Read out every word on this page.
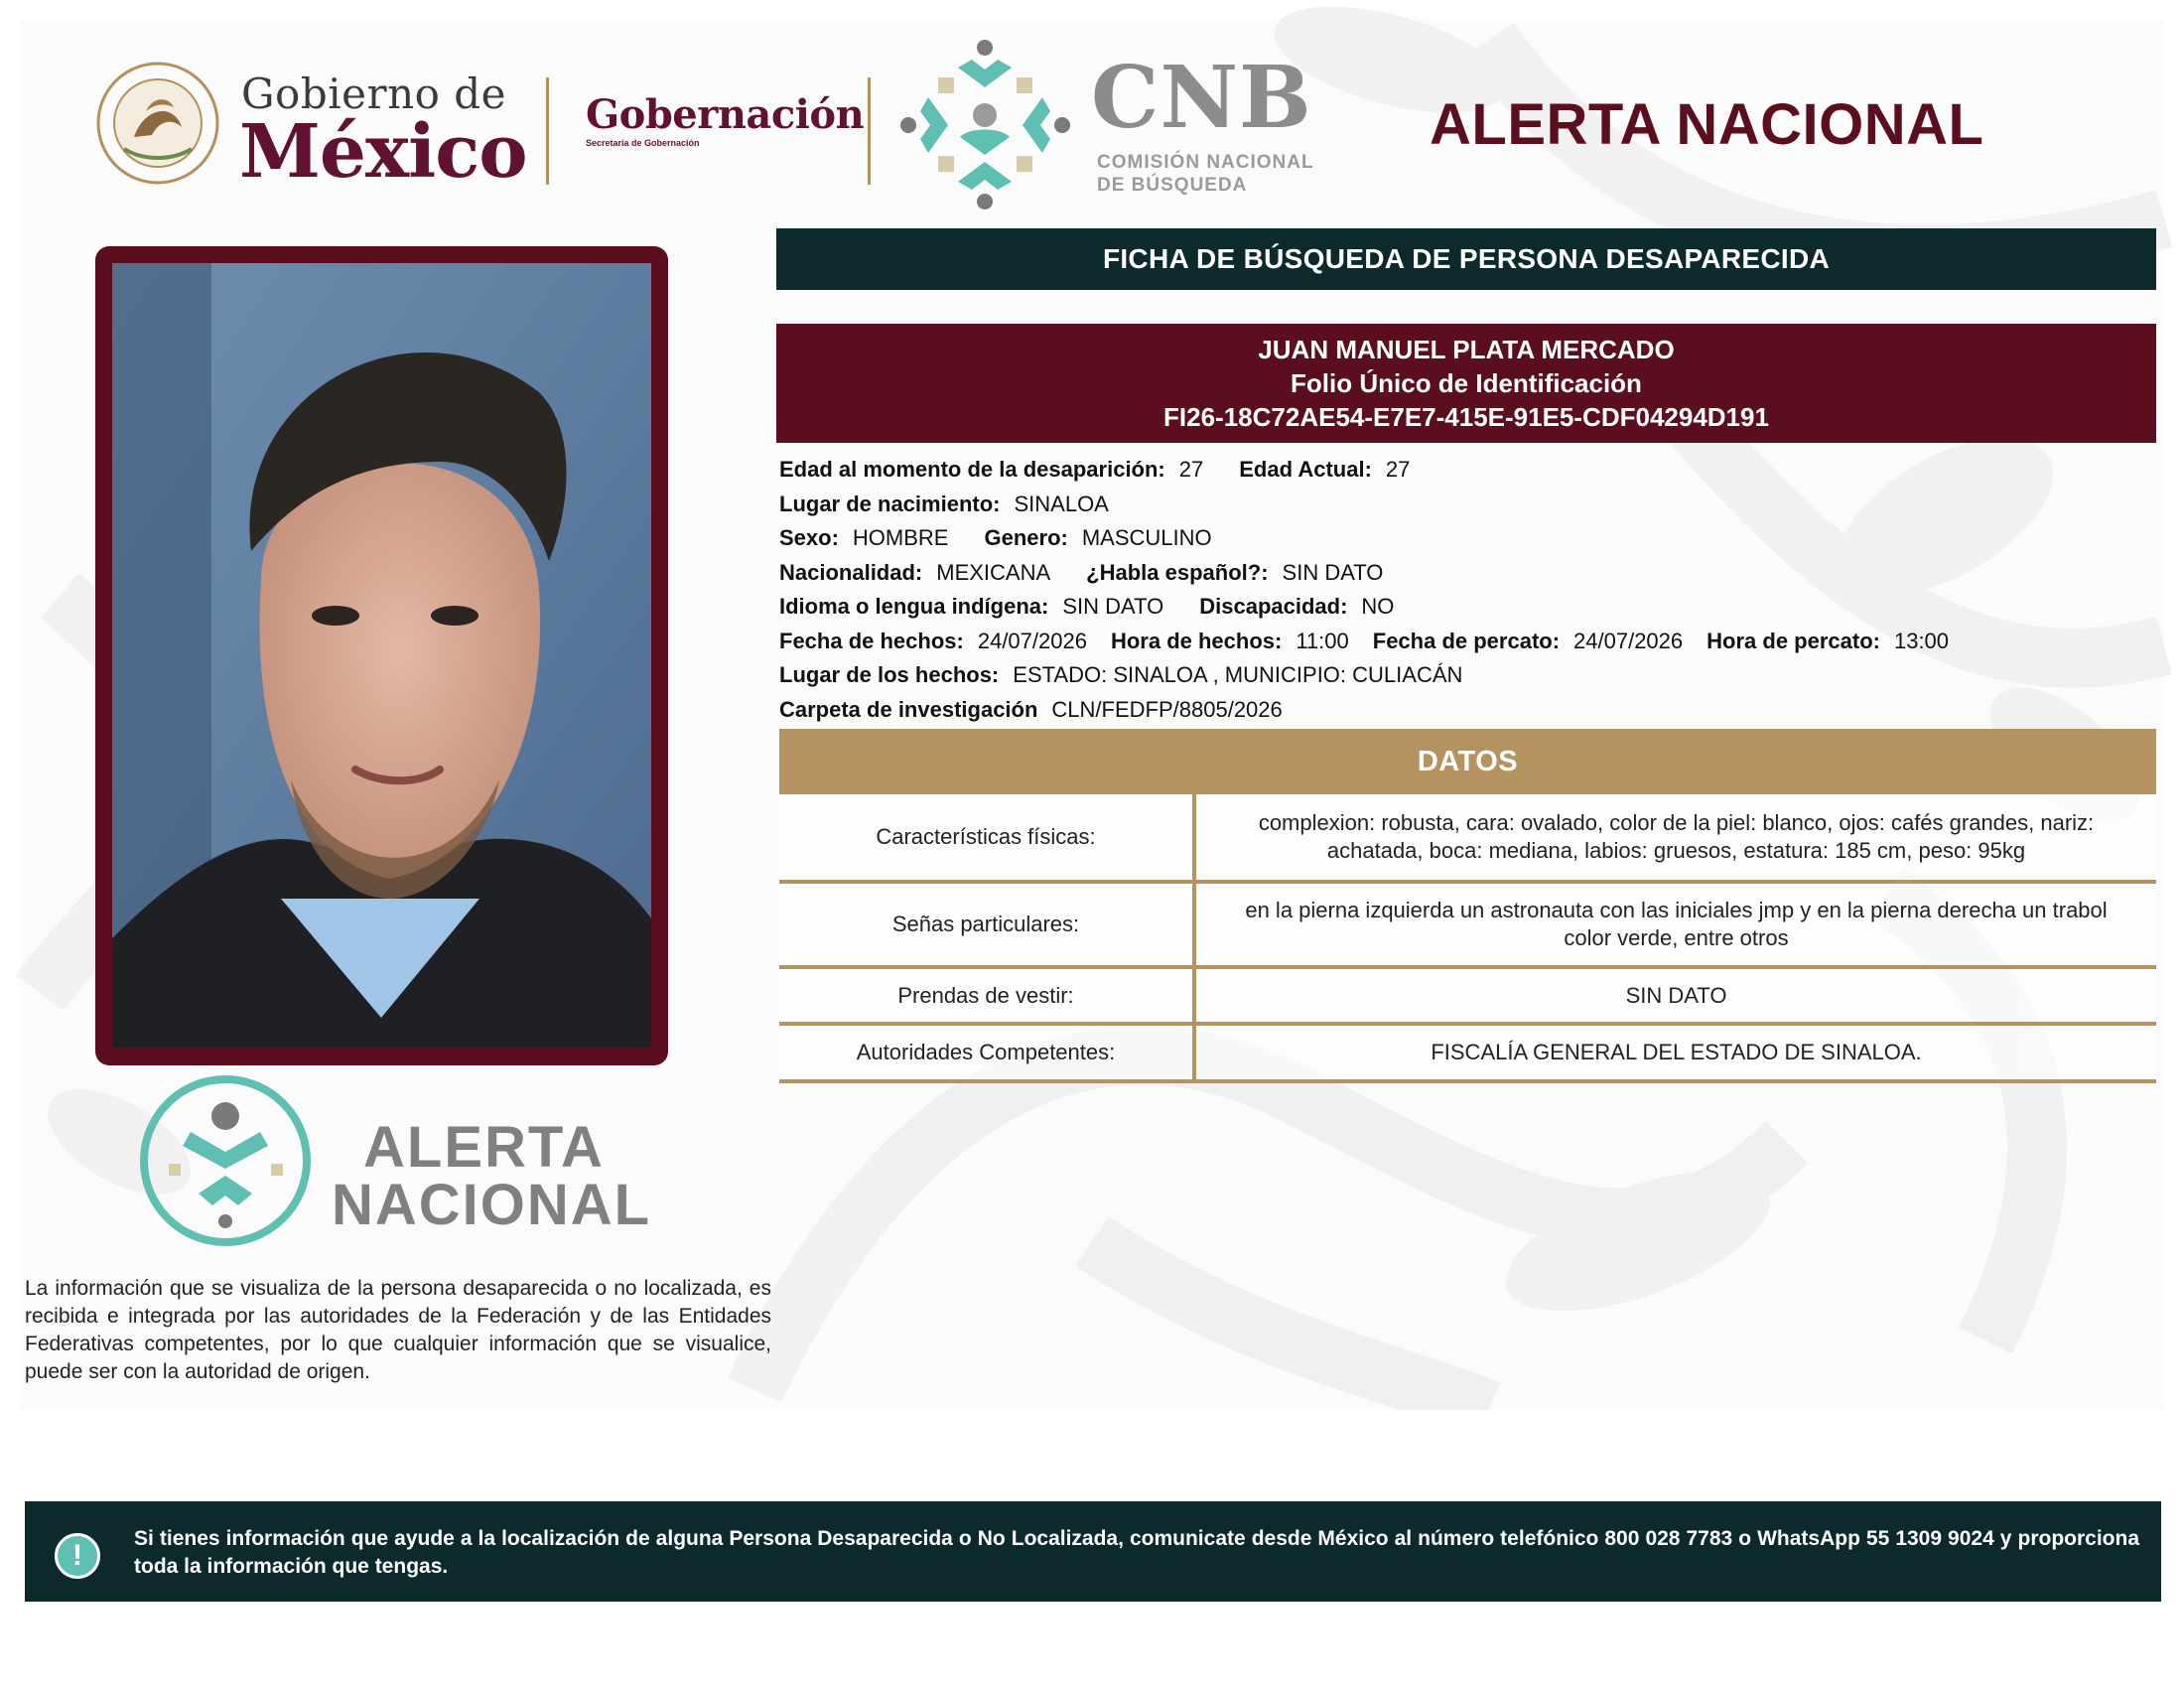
Gobierno de
México Gobernación
Secretaría de Gobernación	CNB
COMISIÓN NACIONAL
DE BÚSQUEDA
ALERTA NACIONAL
ALERTA
NACIONAL
La información que se visualiza de la persona desaparecida o no localizada, es recibida e integrada por las autoridades de la Federación y de las Entidades Federativas competentes, por lo que cualquier información que se visualice, puede ser con la autoridad de origen.
FICHA DE BÚSQUEDA DE PERSONA DESAPARECIDA
JUAN MANUEL PLATA MERCADO
Folio Único de Identificación
FI26-18C72AE54-E7E7-415E-91E5-CDF04294D191
Edad al momento de la desaparición: 27 Edad Actual: 27
Lugar de nacimiento: SINALOA
Sexo: HOMBRE Genero: MASCULINO
Nacionalidad: MEXICANA ¿Habla español?: SIN DATO
Idioma o lengua indígena: SIN DATO Discapacidad: NO
Fecha de hechos: 24/07/2026 Hora de hechos: 11:00 Fecha de percato: 24/07/2026 Hora de percato: 13:00
Lugar de los hechos: ESTADO: SINALOA , MUNICIPIO: CULIACÁN
Carpeta de investigación CLN/FEDFP/8805/2026
DATOS
Características físicas:
complexion: robusta, cara: ovalado, color de la piel: blanco, ojos: cafés grandes, nariz: achatada, boca: mediana, labios: gruesos, estatura: 185 cm, peso: 95kg
Señas particulares:
en la pierna izquierda un astronauta con las iniciales jmp y en la pierna derecha un trabol color verde, entre otros
Prendas de vestir:	SIN DATO
Autoridades Competentes:	FISCALÍA GENERAL DEL ESTADO DE SINALOA.
!
Si tienes información que ayude a la localización de alguna Persona Desaparecida o No Localizada, comunicate desde México al número telefónico 800 028 7783 o WhatsApp 55 1309 9024 y proporciona toda la información que tengas.
